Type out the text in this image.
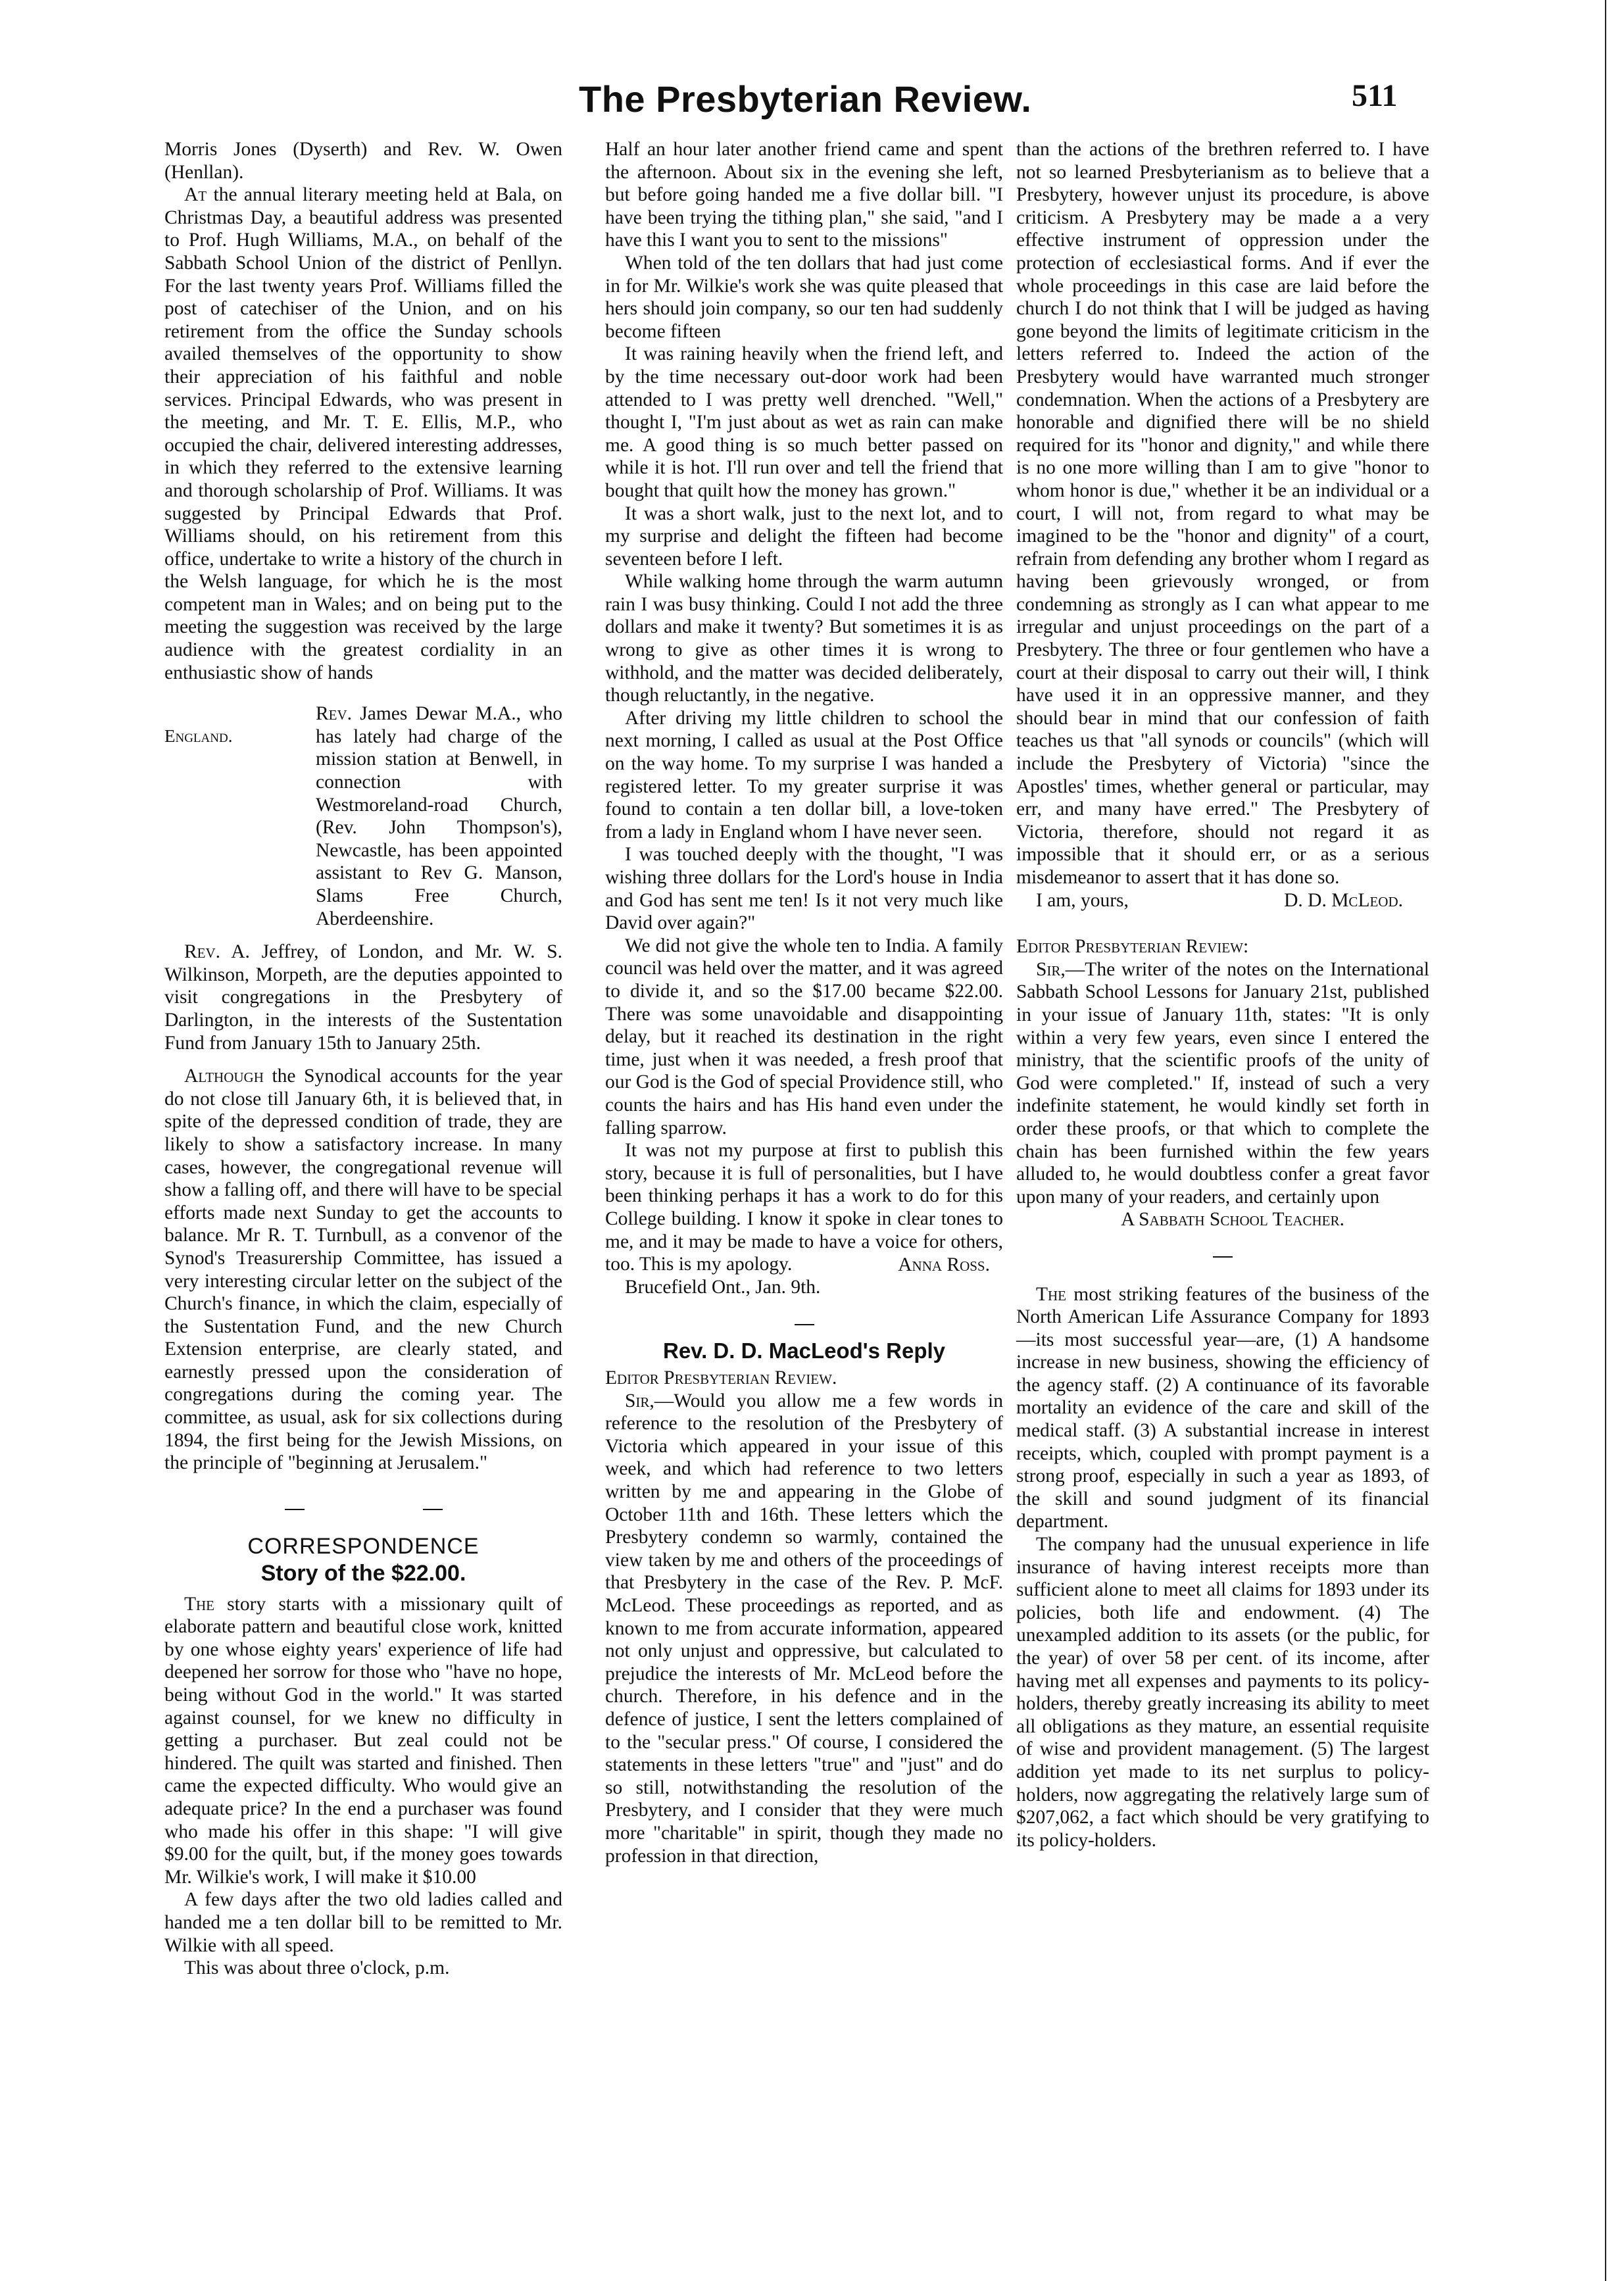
The Presbyterian Review.	511

Morris Jones (Dyserth) and Rev. W. Owen (Henllan).

At the annual literary meeting held at Bala, on Christmas Day, a beautiful address was presented to Prof. Hugh Williams, M.A., on behalf of the Sabbath School Union of the district of Penllyn. For the last twenty years Prof. Williams filled the post of catechiser of the Union, and on his retirement from the office the Sunday schools availed themselves of the opportunity to show their appreciation of his faithful and noble services. Principal Edwards, who was present in the meeting, and Mr. T. E. Ellis, M.P., who occupied the chair, delivered interesting addresses, in which they referred to the extensive learning and thorough scholarship of Prof. Williams. It was suggested by Principal Edwards that Prof. Williams should, on his retirement from this office, undertake to write a history of the church in the Welsh language, for which he is the most competent man in Wales; and on being put to the meeting the suggestion was received by the large audience with the greatest cordiality in an enthusiastic show of hands

England.

Rev. James Dewar M.A., who has lately had charge of the mission station at Benwell, in connection with Westmoreland-road Church, (Rev. John Thompson's), Newcastle, has been appointed assistant to Rev G. Manson, Slams Free Church, Aberdeenshire.

Rev. A. Jeffrey, of London, and Mr. W. S. Wilkinson, Morpeth, are the deputies appointed to visit congregations in the Presbytery of Darlington, in the interests of the Sustentation Fund from January 15th to January 25th.

Although the Synodical accounts for the year do not close till January 6th, it is believed that, in spite of the depressed condition of trade, they are likely to show a satisfactory increase. In many cases, however, the congregational revenue will show a falling off, and there will have to be special efforts made next Sunday to get the accounts to balance. Mr R. T. Turnbull, as a convenor of the Synod's Treasurership Committee, has issued a very interesting circular letter on the subject of the Church's finance, in which the claim, especially of the Sustentation Fund, and the new Church Extension enterprise, are clearly stated, and earnestly pressed upon the consideration of congregations during the coming year. The committee, as usual, ask for six collections during 1894, the first being for the Jewish Missions, on the principle of "beginning at Jerusalem."

CORRESPONDENCE
Story of the $22.00.

The story starts with a missionary quilt of elaborate pattern and beautiful close work, knitted by one whose eighty years' experience of life had deepened her sorrow for those who "have no hope, being without God in the world." It was started against counsel, for we knew no difficulty in getting a purchaser. But zeal could not be hindered. The quilt was started and finished. Then came the expected difficulty. Who would give an adequate price? In the end a purchaser was found who made his offer in this shape: "I will give $9.00 for the quilt, but, if the money goes towards Mr. Wilkie's work, I will make it $10.00

A few days after the two old ladies called and handed me a ten dollar bill to be remitted to Mr. Wilkie with all speed.

This was about three o'clock, p.m.

Half an hour later another friend came and spent the afternoon. About six in the evening she left, but before going handed me a five dollar bill. "I have been trying the tithing plan," she said, "and I have this I want you to sent to the missions"

When told of the ten dollars that had just come in for Mr. Wilkie's work she was quite pleased that hers should join company, so our ten had suddenly become fifteen

It was raining heavily when the friend left, and by the time necessary out-door work had been attended to I was pretty well drenched. "Well," thought I, "I'm just about as wet as rain can make me. A good thing is so much better passed on while it is hot. I'll run over and tell the friend that bought that quilt how the money has grown."

It was a short walk, just to the next lot, and to my surprise and delight the fifteen had become seventeen before I left.

While walking home through the warm autumn rain I was busy thinking. Could I not add the three dollars and make it twenty? But sometimes it is as wrong to give as other times it is wrong to withhold, and the matter was decided deliberately, though reluctantly, in the negative.

After driving my little children to school the next morning, I called as usual at the Post Office on the way home. To my surprise I was handed a registered letter. To my greater surprise it was found to contain a ten dollar bill, a love-token from a lady in England whom I have never seen.

I was touched deeply with the thought, "I was wishing three dollars for the Lord's house in India and God has sent me ten! Is it not very much like David over again?"

We did not give the whole ten to India. A family council was held over the matter, and it was agreed to divide it, and so the $17.00 became $22.00. There was some unavoidable and disappointing delay, but it reached its destination in the right time, just when it was needed, a fresh proof that our God is the God of special Providence still, who counts the hairs and has His hand even under the falling sparrow.

It was not my purpose at first to publish this story, because it is full of personalities, but I have been thinking perhaps it has a work to do for this College building. I know it spoke in clear tones to me, and it may be made to have a voice for others, too. This is my apology.	Anna Ross.

Brucefield Ont., Jan. 9th.

Rev. D. D. MacLeod's Reply

Editor Presbyterian Review.

Sir,—Would you allow me a few words in reference to the resolution of the Presbytery of Victoria which appeared in your issue of this week, and which had reference to two letters written by me and appearing in the Globe of October 11th and 16th. These letters which the Presbytery condemn so warmly, contained the view taken by me and others of the proceedings of that Presbytery in the case of the Rev. P. McF. McLeod. These proceedings as reported, and as known to me from accurate information, appeared not only unjust and oppressive, but calculated to prejudice the interests of Mr. McLeod before the church. Therefore, in his defence and in the defence of justice, I sent the letters complained of to the "secular press." Of course, I considered the statements in these letters "true" and "just" and do so still, notwithstanding the resolution of the Presbytery, and I consider that they were much more "charitable" in spirit, though they made no profession in that direction,

than the actions of the brethren referred to. I have not so learned Presbyterianism as to believe that a Presbytery, however unjust its procedure, is above criticism. A Presbytery may be made a a very effective instrument of oppression under the protection of ecclesiastical forms. And if ever the whole proceedings in this case are laid before the church I do not think that I will be judged as having gone beyond the limits of legitimate criticism in the letters referred to. Indeed the action of the Presbytery would have warranted much stronger condemnation. When the actions of a Presbytery are honorable and dignified there will be no shield required for its "honor and dignity," and while there is no one more willing than I am to give "honor to whom honor is due," whether it be an individual or a court, I will not, from regard to what may be imagined to be the "honor and dignity" of a court, refrain from defending any brother whom I regard as having been grievously wronged, or from condemning as strongly as I can what appear to me irregular and unjust proceedings on the part of a Presbytery. The three or four gentlemen who have a court at their disposal to carry out their will, I think have used it in an oppressive manner, and they should bear in mind that our confession of faith teaches us that "all synods or councils" (which will include the Presbytery of Victoria) "since the Apostles' times, whether general or particular, may err, and many have erred." The Presbytery of Victoria, therefore, should not regard it as impossible that it should err, or as a serious misdemeanor to assert that it has done so.

I am, yours,	D. D. McLeod.

Editor Presbyterian Review:

Sir,—The writer of the notes on the International Sabbath School Lessons for January 21st, published in your issue of January 11th, states: "It is only within a very few years, even since I entered the ministry, that the scientific proofs of the unity of God were completed." If, instead of such a very indefinite statement, he would kindly set forth in order these proofs, or that which to complete the chain has been furnished within the few years alluded to, he would doubtless confer a great favor upon many of your readers, and certainly upon

A Sabbath School Teacher.

The most striking features of the business of the North American Life Assurance Company for 1893—its most successful year—are, (1) A handsome increase in new business, showing the efficiency of the agency staff. (2) A continuance of its favorable mortality an evidence of the care and skill of the medical staff. (3) A substantial increase in interest receipts, which, coupled with prompt payment is a strong proof, especially in such a year as 1893, of the skill and sound judgment of its financial department.

The company had the unusual experience in life insurance of having interest receipts more than sufficient alone to meet all claims for 1893 under its policies, both life and endowment. (4) The unexampled addition to its assets (or the public, for the year) of over 58 per cent. of its income, after having met all expenses and payments to its policy-holders, thereby greatly increasing its ability to meet all obligations as they mature, an essential requisite of wise and provident management. (5) The largest addition yet made to its net surplus to policy-holders, now aggregating the relatively large sum of $207,062, a fact which should be very gratifying to its policy-holders.
